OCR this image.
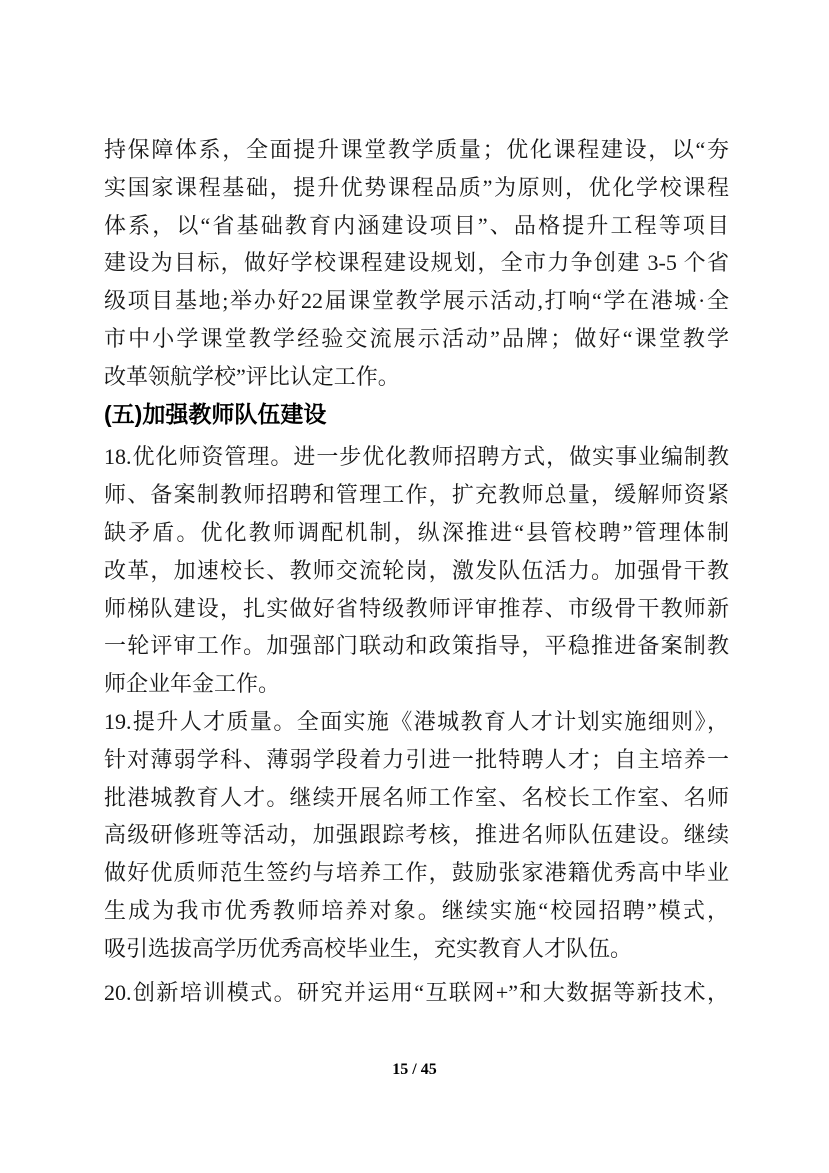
持保障体系，全面提升课堂教学质量；优化课程建设，以“夯
实国家课程基础，提升优势课程品质”为原则，优化学校课程
体系，以“省基础教育内涵建设项目”、品格提升工程等项目
建设为目标，做好学校课程建设规划，全市力争创建 3-5 个省
级项目基地;举办好22届课堂教学展示活动,打响“学在港城·全
市中小学课堂教学经验交流展示活动”品牌；做好“课堂教学
改革领航学校”评比认定工作。
(五)加强教师队伍建设
18.优化师资管理。进一步优化教师招聘方式，做实事业编制教
师、备案制教师招聘和管理工作，扩充教师总量，缓解师资紧
缺矛盾。优化教师调配机制，纵深推进“县管校聘”管理体制
改革，加速校长、教师交流轮岗，激发队伍活力。加强骨干教
师梯队建设，扎实做好省特级教师评审推荐、市级骨干教师新
一轮评审工作。加强部门联动和政策指导，平稳推进备案制教
师企业年金工作。
19.提升人才质量。全面实施《港城教育人才计划实施细则》，
针对薄弱学科、薄弱学段着力引进一批特聘人才；自主培养一
批港城教育人才。继续开展名师工作室、名校长工作室、名师
高级研修班等活动，加强跟踪考核，推进名师队伍建设。继续
做好优质师范生签约与培养工作，鼓励张家港籍优秀高中毕业
生成为我市优秀教师培养对象。继续实施“校园招聘”模式，
吸引选拔高学历优秀高校毕业生，充实教育人才队伍。
20.创新培训模式。研究并运用“互联网+”和大数据等新技术，
15 / 45
